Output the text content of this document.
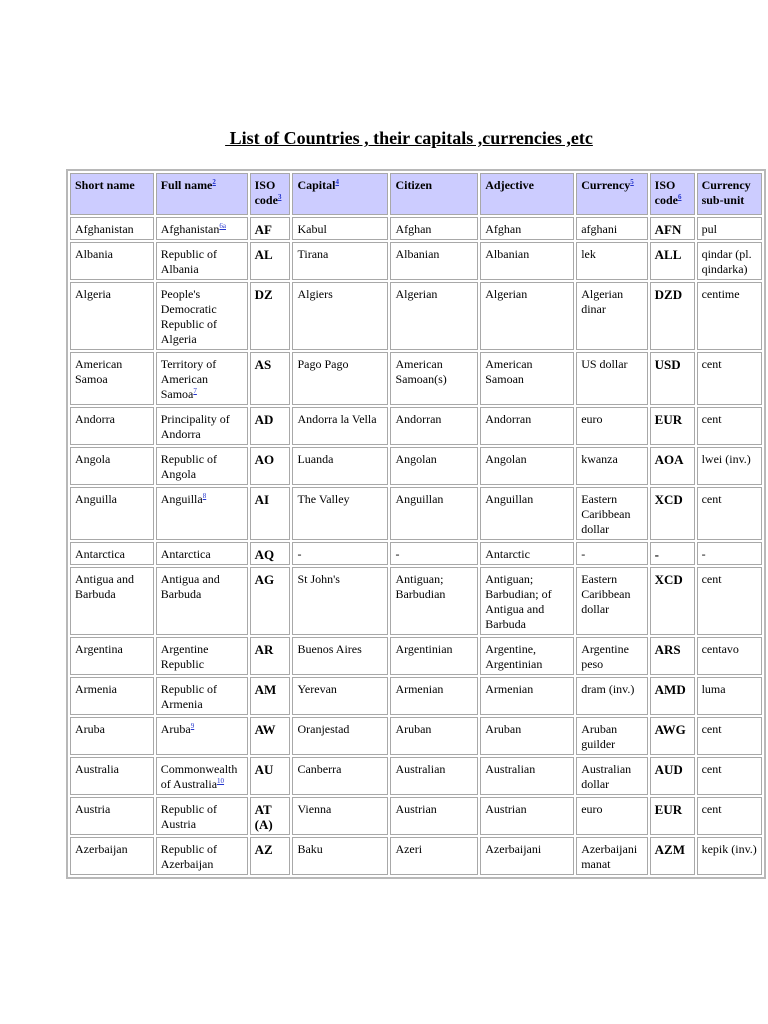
List of Countries , their capitals ,currencies ,etc
Short name	Full name$^2$	ISO code$^3$	Capital$^4$	Citizen	Adjective	Currency$^5$	ISO code$^6$	Currency sub-unit
Afghanistan	Afghanistan$^{6a}$	AF	Kabul	Afghan	Afghan	afghani	AFN	pul
Albania	Republic of Albania	AL	Tirana	Albanian	Albanian	lek	ALL	qindar (pl. qindarka)
Algeria	People's Democratic Republic of Algeria	DZ	Algiers	Algerian	Algerian	Algerian dinar	DZD	centime
American Samoa	Territory of American Samoa$^7$	AS	Pago Pago	American Samoan(s)	American Samoan	US dollar	USD	cent
Andorra	Principality of Andorra	AD	Andorra la Vella	Andorran	Andorran	euro	EUR	cent
Angola	Republic of Angola	AO	Luanda	Angolan	Angolan	kwanza	AOA	lwei (inv.)
Anguilla	Anguilla$^8$	AI	The Valley	Anguillan	Anguillan	Eastern Caribbean dollar	XCD	cent
Antarctica	Antarctica	AQ	-	-	Antarctic	-	-	-
Antigua and Barbuda	Antigua and Barbuda	AG	St John's	Antiguan; Barbudian	Antiguan; Barbudian; of Antigua and Barbuda	Eastern Caribbean dollar	XCD	cent
Argentina	Argentine Republic	AR	Buenos Aires	Argentinian	Argentine, Argentinian	Argentine peso	ARS	centavo
Armenia	Republic of Armenia	AM	Yerevan	Armenian	Armenian	dram (inv.)	AMD	luma
Aruba	Aruba$^9$	AW	Oranjestad	Aruban	Aruban	Aruban guilder	AWG	cent
Australia	Commonwealth of Australia$^{10}$	AU	Canberra	Australian	Australian	Australian dollar	AUD	cent
Austria	Republic of Austria	AT (A)	Vienna	Austrian	Austrian	euro	EUR	cent
Azerbaijan	Republic of Azerbaijan	AZ	Baku	Azeri	Azerbaijani	Azerbaijani manat	AZM	kepik (inv.)
